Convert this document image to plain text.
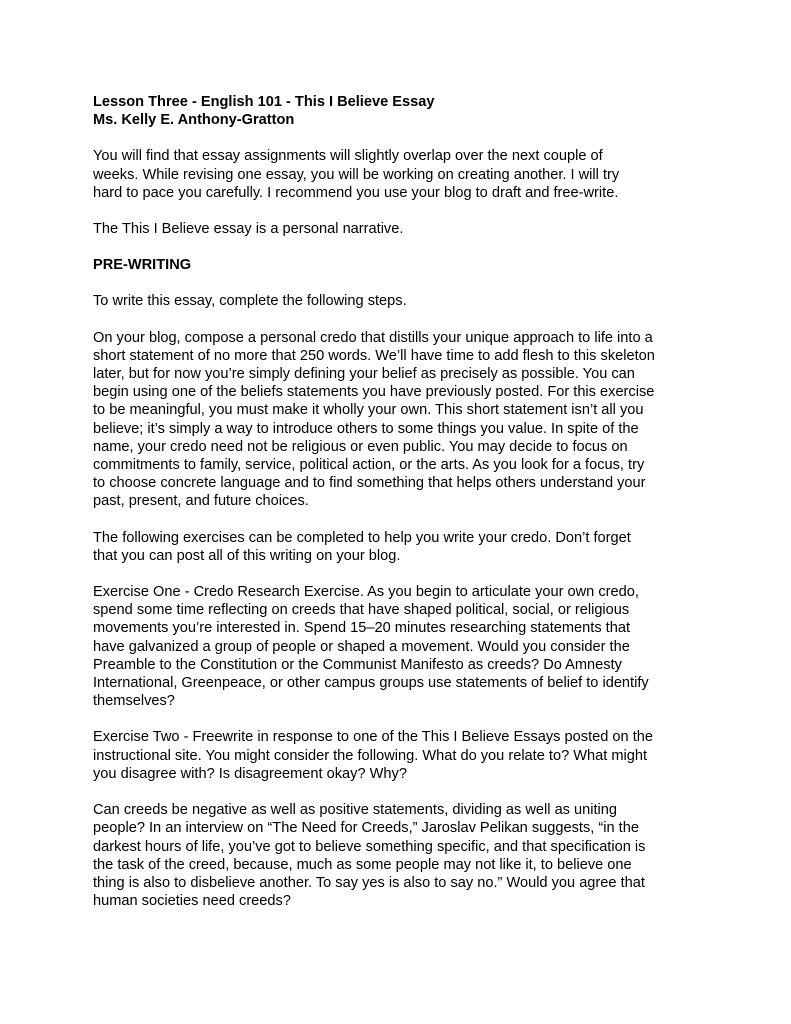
Lesson Three - English 101 - This I Believe Essay
Ms. Kelly E. Anthony-Gratton
You will find that essay assignments will slightly overlap over the next couple of
weeks. While revising one essay, you will be working on creating another. I will try
hard to pace you carefully. I recommend you use your blog to draft and free-write.
The This I Believe essay is a personal narrative.
PRE-WRITING
To write this essay, complete the following steps.
On your blog, compose a personal credo that distills your unique approach to life into a
short statement of no more that 250 words. We’ll have time to add flesh to this skeleton
later, but for now you’re simply defining your belief as precisely as possible. You can
begin using one of the beliefs statements you have previously posted. For this exercise
to be meaningful, you must make it wholly your own. This short statement isn’t all you
believe; it’s simply a way to introduce others to some things you value. In spite of the
name, your credo need not be religious or even public. You may decide to focus on
commitments to family, service, political action, or the arts. As you look for a focus, try
to choose concrete language and to find something that helps others understand your
past, present, and future choices.
The following exercises can be completed to help you write your credo. Don’t forget
that you can post all of this writing on your blog.
Exercise One - Credo Research Exercise. As you begin to articulate your own credo,
spend some time reflecting on creeds that have shaped political, social, or religious
movements you’re interested in. Spend 15–20 minutes researching statements that
have galvanized a group of people or shaped a movement. Would you consider the
Preamble to the Constitution or the Communist Manifesto as creeds? Do Amnesty
International, Greenpeace, or other campus groups use statements of belief to identify
themselves?
Exercise Two - Freewrite in response to one of the This I Believe Essays posted on the
instructional site. You might consider the following. What do you relate to? What might
you disagree with? Is disagreement okay? Why?
Can creeds be negative as well as positive statements, dividing as well as uniting
people? In an interview on “The Need for Creeds,” Jaroslav Pelikan suggests, “in the
darkest hours of life, you’ve got to believe something specific, and that specification is
the task of the creed, because, much as some people may not like it, to believe one
thing is also to disbelieve another. To say yes is also to say no.” Would you agree that
human societies need creeds?
